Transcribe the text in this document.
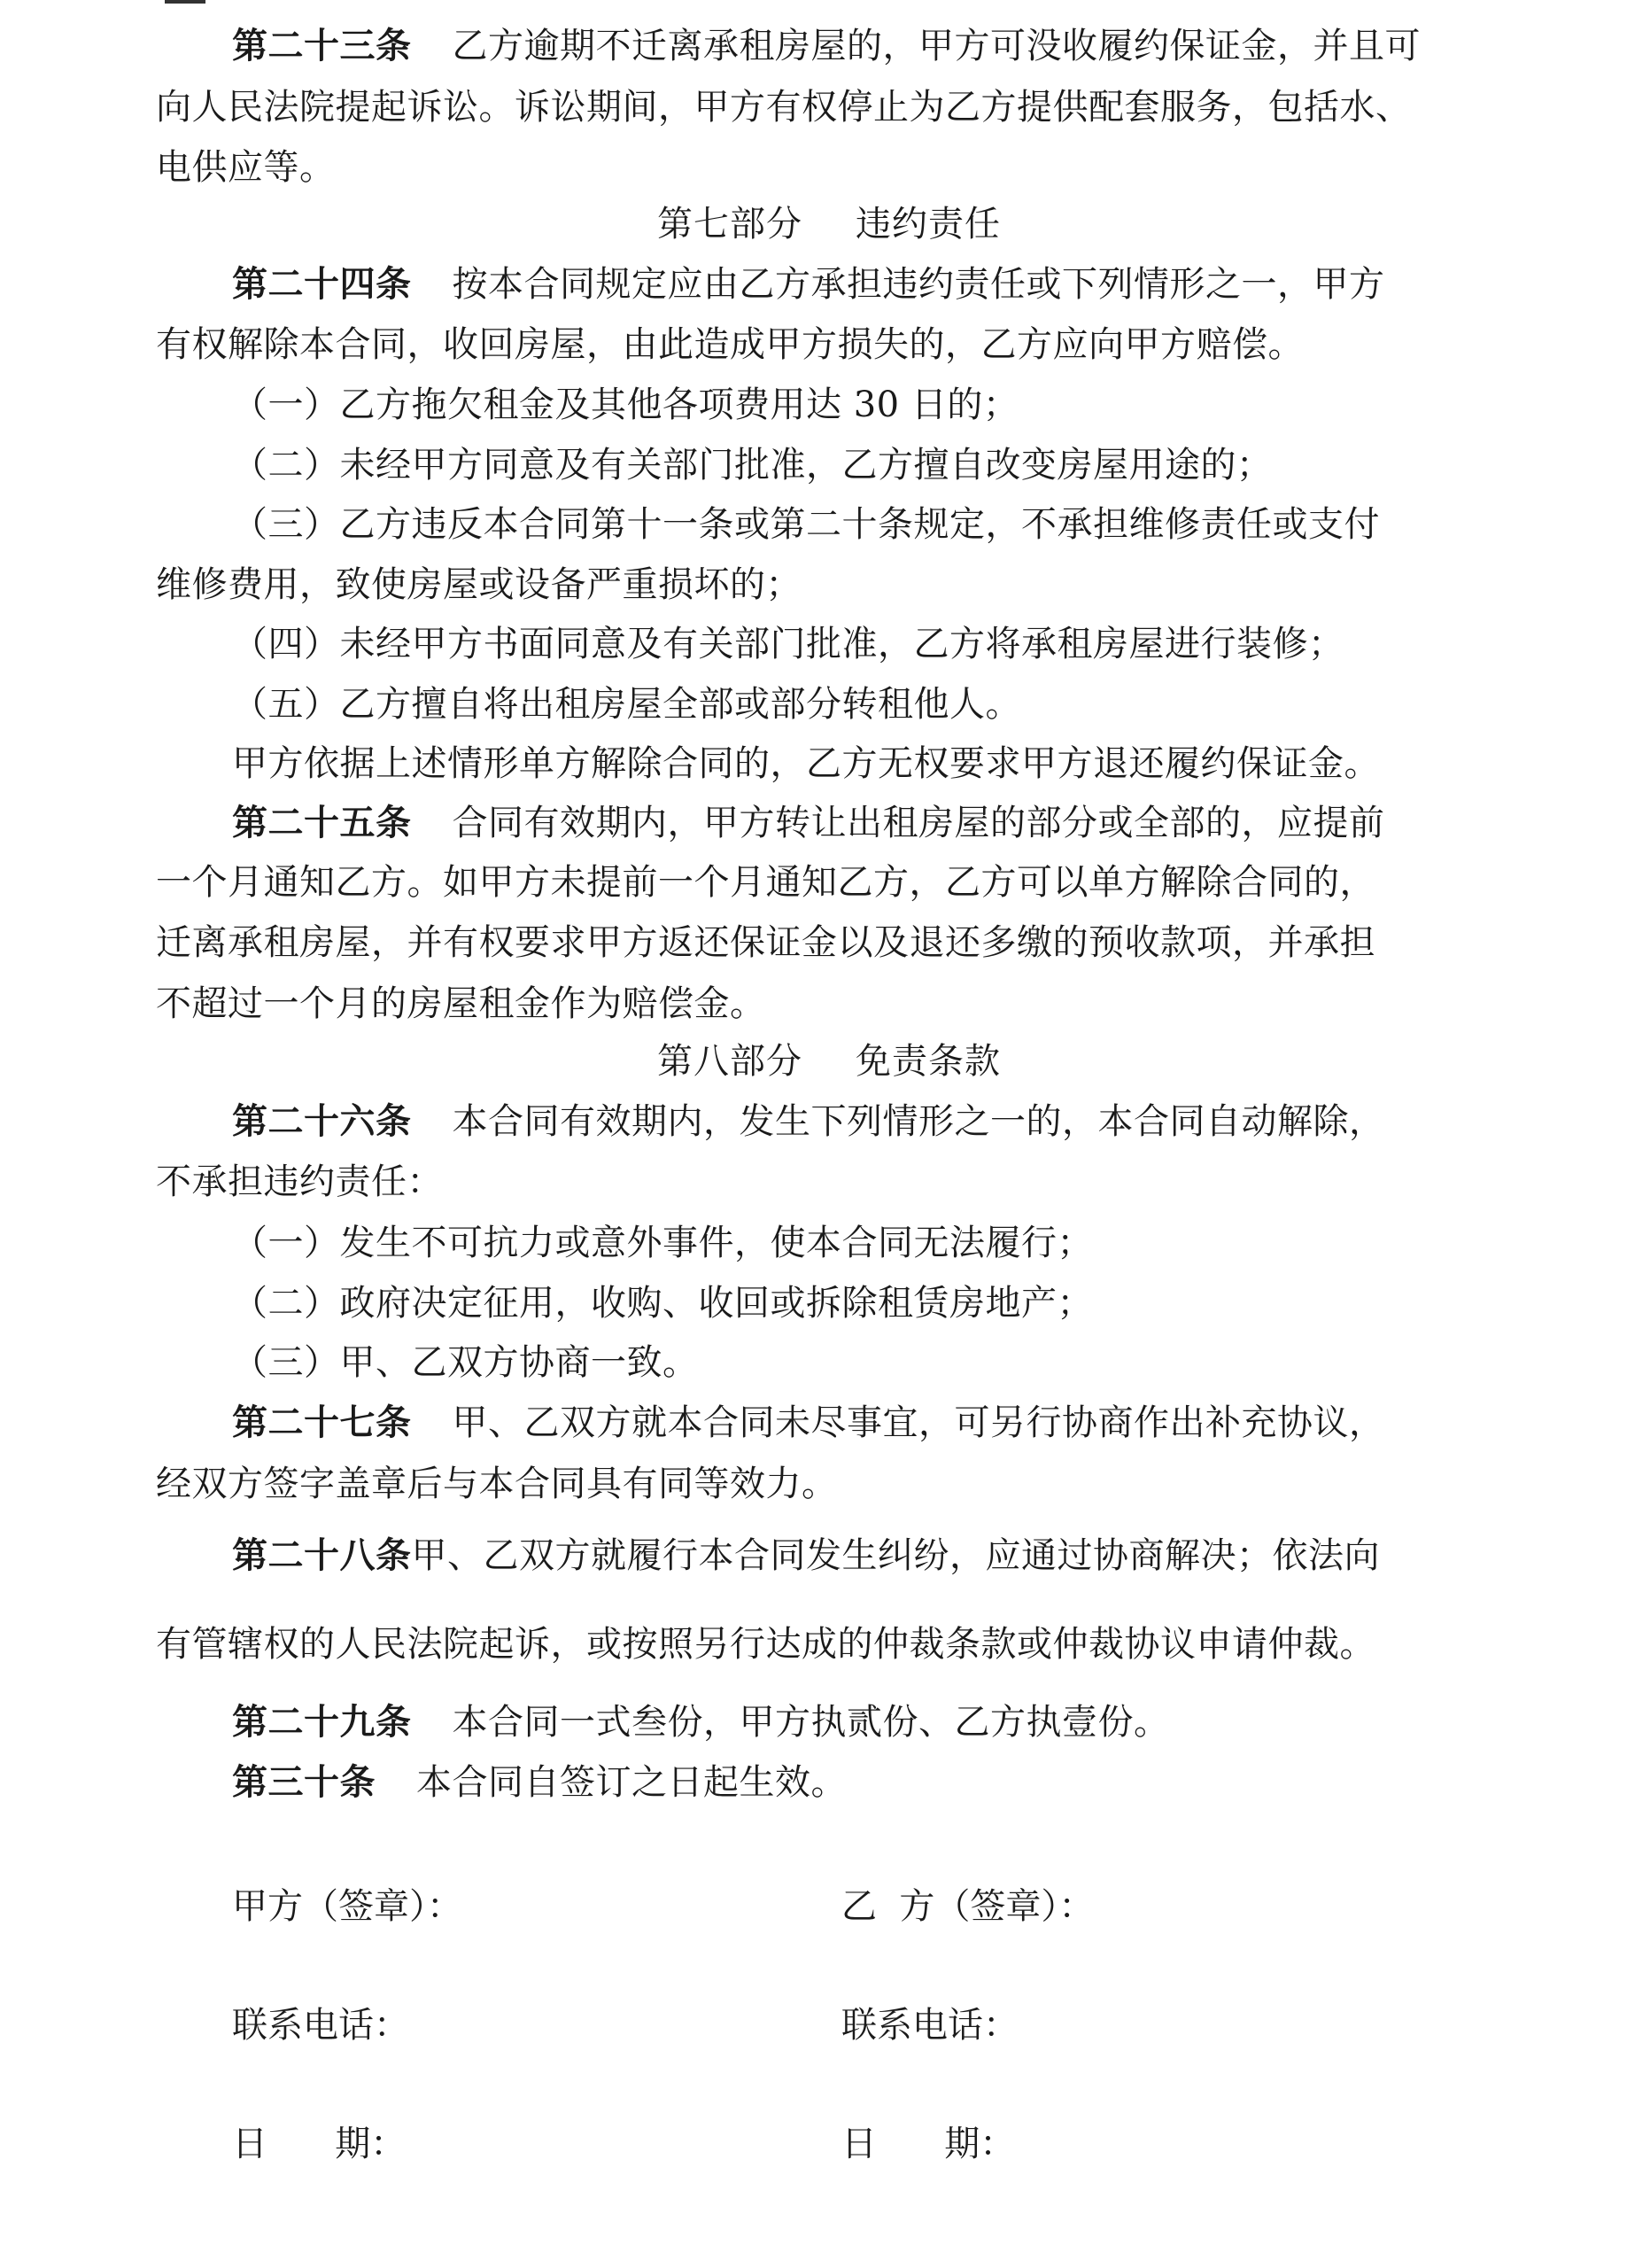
第二十三条 乙方逾期不迁离承租房屋的，甲方可没收履约保证金，并且可
向人民法院提起诉讼。诉讼期间，甲方有权停止为乙方提供配套服务，包括水、
电供应等。
第七部分 违约责任
第二十四条 按本合同规定应由乙方承担违约责任或下列情形之一，甲方
有权解除本合同，收回房屋，由此造成甲方损失的，乙方应向甲方赔偿。
（一）乙方拖欠租金及其他各项费用达 30 日的；
（二）未经甲方同意及有关部门批准，乙方擅自改变房屋用途的；
（三）乙方违反本合同第十一条或第二十条规定，不承担维修责任或支付
维修费用，致使房屋或设备严重损坏的；
（四）未经甲方书面同意及有关部门批准，乙方将承租房屋进行装修；
（五）乙方擅自将出租房屋全部或部分转租他人。
甲方依据上述情形单方解除合同的，乙方无权要求甲方退还履约保证金。
第二十五条 合同有效期内，甲方转让出租房屋的部分或全部的，应提前
一个月通知乙方。如甲方未提前一个月通知乙方，乙方可以单方解除合同的，
迁离承租房屋，并有权要求甲方返还保证金以及退还多缴的预收款项，并承担
不超过一个月的房屋租金作为赔偿金。
第八部分 免责条款
第二十六条 本合同有效期内，发生下列情形之一的，本合同自动解除，
不承担违约责任：
（一）发生不可抗力或意外事件，使本合同无法履行；
（二）政府决定征用，收购、收回或拆除租赁房地产；
（三）甲、乙双方协商一致。
第二十七条 甲、乙双方就本合同未尽事宜，可另行协商作出补充协议，
经双方签字盖章后与本合同具有同等效力。
第二十八条甲、乙双方就履行本合同发生纠纷，应通过协商解决；依法向
有管辖权的人民法院起诉，或按照另行达成的仲裁条款或仲裁协议申请仲裁。
第二十九条 本合同一式叁份，甲方执贰份、乙方执壹份。
第三十条 本合同自签订之日起生效。
甲方（签章）：	乙  方（签章）：
联系电话：	联系电话：
日      期：	日      期：
